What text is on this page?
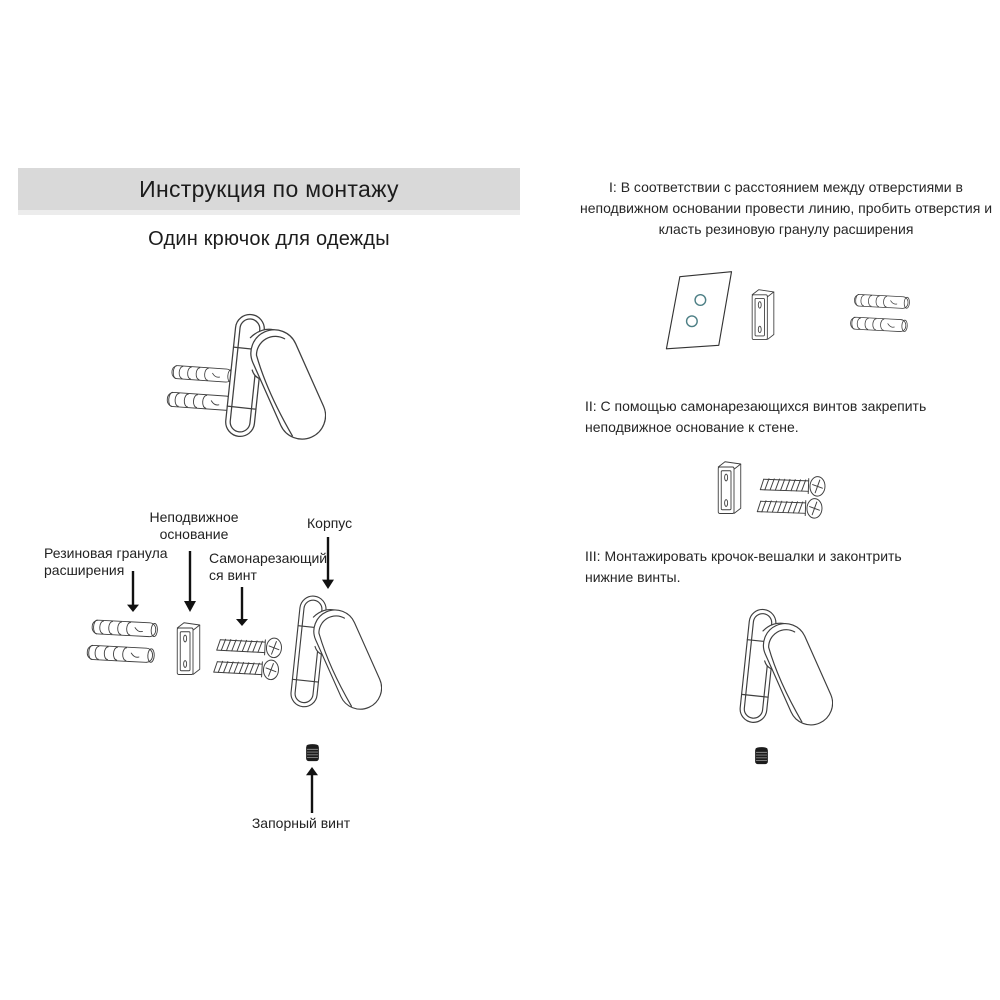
Инструкция по монтажу
Один крючок для одежды
Резиновая гранула расширения
Неподвижное основание
Самонарезающий ся винт
Корпус
Запорный винт
I: В соответствии с расстоянием между отверстиями в неподвижном основании провести линию, пробить отверстия и класть резиновую гранулу расширения
II: С помощью самонарезающихся винтов закрепить неподвижное основание к стене.
III: Монтажировать крочок-вешалки и законтрить нижние винты.
